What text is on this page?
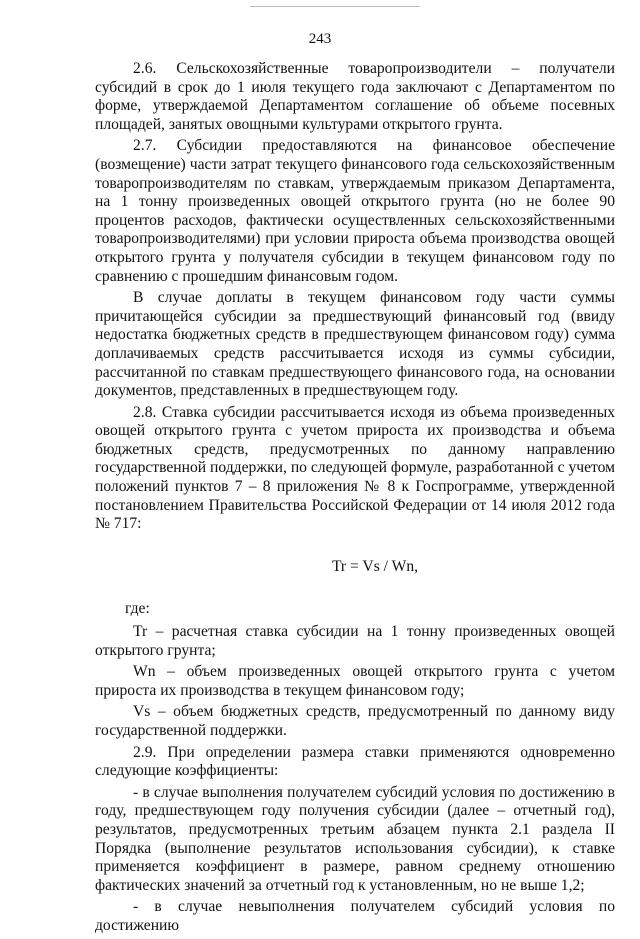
243

2.6. Сельскохозяйственные товаропроизводители – получатели субсидий в срок до 1 июля текущего года заключают с Департаментом по форме, утверждаемой Департаментом соглашение об объеме посевных площадей, занятых овощными культурами открытого грунта.

2.7. Субсидии предоставляются на финансовое обеспечение (возмещение) части затрат текущего финансового года сельскохозяйственным товаропроизводителям по ставкам, утверждаемым приказом Департамента, на 1 тонну произведенных овощей открытого грунта (но не более 90 процентов расходов, фактически осуществленных сельскохозяйственными товаропроизводителями) при условии прироста объема производства овощей открытого грунта у получателя субсидии в текущем финансовом году по сравнению с прошедшим финансовым годом.

В случае доплаты в текущем финансовом году части суммы причитающейся субсидии за предшествующий финансовый год (ввиду недостатка бюджетных средств в предшествующем финансовом году) сумма доплачиваемых средств рассчитывается исходя из суммы субсидии, рассчитанной по ставкам предшествующего финансового года, на основании документов, представленных в предшествующем году.

2.8. Ставка субсидии рассчитывается исходя из объема произведенных овощей открытого грунта с учетом прироста их производства и объема бюджетных средств, предусмотренных по данному направлению государственной поддержки, по следующей формуле, разработанной с учетом положений пунктов 7 – 8 приложения № 8 к Госпрограмме, утвержденной постановлением Правительства Российской Федерации от 14 июля 2012 года № 717:

Tr = Vs / Wn,

где:

Tr – расчетная ставка субсидии на 1 тонну произведенных овощей открытого грунта;

Wn – объем произведенных овощей открытого грунта с учетом прироста их производства в текущем финансовом году;

Vs – объем бюджетных средств, предусмотренный по данному виду государственной поддержки.

2.9. При определении размера ставки применяются одновременно следующие коэффициенты:

- в случае выполнения получателем субсидий условия по достижению в году, предшествующем году получения субсидии (далее – отчетный год), результатов, предусмотренных третьим абзацем пункта 2.1 раздела II Порядка (выполнение результатов использования субсидии), к ставке применяется коэффициент в размере, равном среднему отношению фактических значений за отчетный год к установленным, но не выше 1,2;

- в случае невыполнения получателем субсидий условия по достижению
